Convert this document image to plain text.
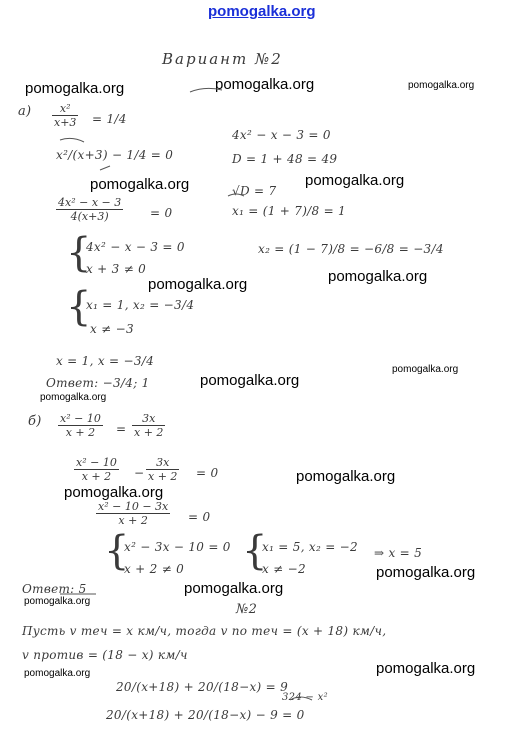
pomogalka.org
Вариант №2
pomogalka.org	pomogalka.org	pomogalka.org
pomogalka.org	pomogalka.org
pomogalka.org	pomogalka.org
pomogalka.org
pomogalka.org
pomogalka.org
pomogalka.org
pomogalka.org
pomogalka.org
pomogalka.org
pomogalka.org
pomogalka.org
pomogalka.org
$a) \frac{\text{x²}}{x+3} = 1/4$
x²/(x+3) − 1/4 = 0
$\frac{\text{4x² − x − 3}}{4(x+3)} = 0$
{
4x² − x − 3 = 0
x + 3 ≠ 0
{
x₁ = 1, x₂ = −3/4
x ≠ −3
x = 1, x = −3/4
Ответ: −3/4; 1
4x² − x − 3 = 0
D = 1 + 48 = 49
√D = 7
x₁ = (1 + 7)/8 = 1
x₂ = (1 − 7)/8 = −6/8 = −3/4
$б) \frac{\text{x² − 10}}{x + 2} = \frac{3x}{x + 2}$
$\frac{\text{x² − 10}}{x + 2} - \frac{3x}{x + 2} = 0$
$\frac{\text{x² − 10 − 3x}}{x + 2} = 0$
{
x² − 3x − 10 = 0
x + 2 ≠ 0 {
x₁ = 5, x₂ = −2
x ≠ −2
⇒ x = 5
Ответ: 5
№2
Пусть v теч = x км/ч, тогда v по теч = (x + 18) км/ч,
v против = (18 − x) км/ч
20/(x+18) + 20/(18−x) = 9
324 − x²
20/(x+18) + 20/(18−x) − 9 = 0
